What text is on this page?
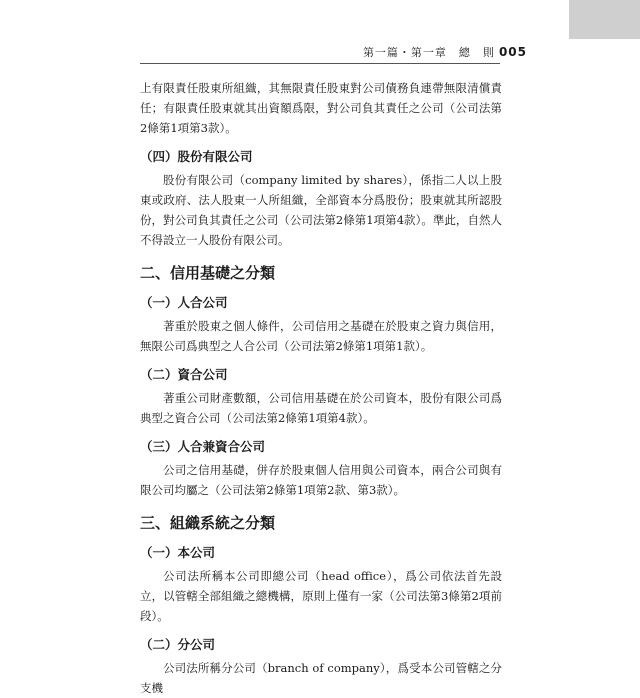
第一篇・第一章　總　則 005

上有限責任股東所組織，其無限責任股東對公司債務負連帶無限清償責任；有限責任股東就其出資額爲限，對公司負其責任之公司（公司法第2條第1項第3款）。

（四）股份有限公司

股份有限公司（company limited by shares），係指二人以上股東或政府、法人股東一人所組織，全部資本分爲股份；股東就其所認股份，對公司負其責任之公司（公司法第2條第1項第4款）。準此，自然人不得設立一人股份有限公司。

二、信用基礎之分類
（一）人合公司

著重於股東之個人條件，公司信用之基礎在於股東之資力與信用，無限公司爲典型之人合公司（公司法第2條第1項第1款）。

（二）資合公司

著重公司財產數額，公司信用基礎在於公司資本，股份有限公司爲典型之資合公司（公司法第2條第1項第4款）。

（三）人合兼資合公司

公司之信用基礎，併存於股東個人信用與公司資本，兩合公司與有限公司均屬之（公司法第2條第1項第2款、第3款）。

三、組織系統之分類
（一）本公司

公司法所稱本公司即總公司（head office），爲公司依法首先設立，以管轄全部組織之總機構，原則上僅有一家（公司法第3條第2項前段）。

（二）分公司

公司法所稱分公司（branch of company），爲受本公司管轄之分支機
